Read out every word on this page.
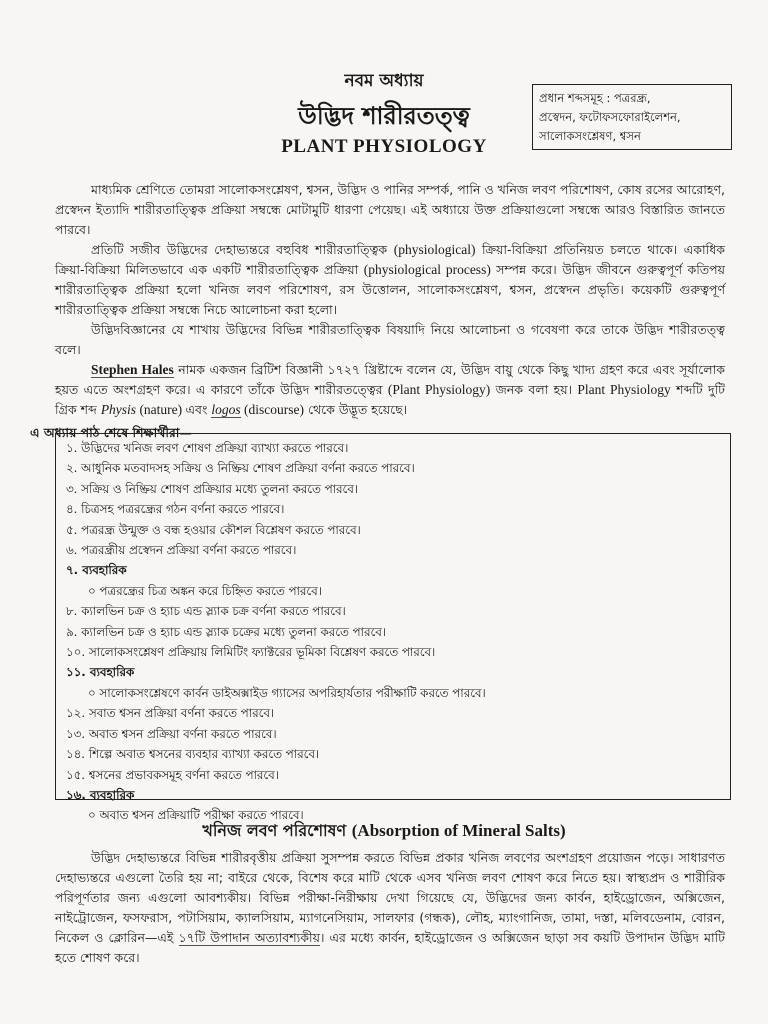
নবম অধ্যায়
উদ্ভিদ শারীরতত্ত্ব
PLANT PHYSIOLOGY
প্রধান শব্দসমূহ : পত্ররন্ধ্র,
প্রস্বেদন, ফটোফসফোরাইলেশন,
সালোকসংশ্লেষণ, শ্বসন
মাধ্যমিক শ্রেণিতে তোমরা সালোকসংশ্লেষণ, শ্বসন, উদ্ভিদ ও পানির সম্পর্ক, পানি ও খনিজ লবণ পরিশোষণ, কোষ রসের আরোহণ, প্রস্বেদন ইত্যাদি শারীরতাত্ত্বিক প্রক্রিয়া সম্বন্ধে মোটামুটি ধারণা পেয়েছ। এই অধ্যায়ে উক্ত প্রক্রিয়াগুলো সম্বন্ধে আরও বিস্তারিত জানতে পারবে।
প্রতিটি সজীব উদ্ভিদের দেহাভ্যন্তরে বহুবিধ শারীরতাত্ত্বিক (physiological) ক্রিয়া-বিক্রিয়া প্রতিনিয়ত চলতে থাকে। একাধিক ক্রিয়া-বিক্রিয়া মিলিতভাবে এক একটি শারীরতাত্ত্বিক প্রক্রিয়া (physiological process) সম্পন্ন করে। উদ্ভিদ জীবনে গুরুত্বপূর্ণ কতিপয় শারীরতাত্ত্বিক প্রক্রিয়া হলো খনিজ লবণ পরিশোষণ, রস উত্তোলন, সালোকসংশ্লেষণ, শ্বসন, প্রস্বেদন প্রভৃতি। কয়েকটি গুরুত্বপূর্ণ শারীরতাত্ত্বিক প্রক্রিয়া সম্বন্ধে নিচে আলোচনা করা হলো।
উদ্ভিদবিজ্ঞানের যে শাখায় উদ্ভিদের বিভিন্ন শারীরতাত্ত্বিক বিষয়াদি নিয়ে আলোচনা ও গবেষণা করে তাকে উদ্ভিদ শারীরতত্ত্ব বলে।
Stephen Hales নামক একজন ব্রিটিশ বিজ্ঞানী ১৭২৭ খ্রিষ্টাব্দে বলেন যে, উদ্ভিদ বায়ু থেকে কিছু খাদ্য গ্রহণ করে এবং সূর্যালোক হয়ত এতে অংশগ্রহণ করে। এ কারণে তাঁকে উদ্ভিদ শারীরতত্ত্বের (Plant Physiology) জনক বলা হয়। Plant Physiology শব্দটি দুটি গ্রিক শব্দ Physis (nature) এবং logos (discourse) থেকে উদ্ভূত হয়েছে।
এ অধ্যায় পাঠ শেষে শিক্ষার্থীরা—
১. উদ্ভিদের খনিজ লবণ শোষণ প্রক্রিয়া ব্যাখ্যা করতে পারবে।
২. আধুনিক মতবাদসহ সক্রিয় ও নিষ্ক্রিয় শোষণ প্রক্রিয়া বর্ণনা করতে পারবে।
৩. সক্রিয় ও নিষ্ক্রিয় শোষণ প্রক্রিয়ার মধ্যে তুলনা করতে পারবে।
৪. চিত্রসহ পত্ররন্ধ্রের গঠন বর্ণনা করতে পারবে।
৫. পত্ররন্ধ্র উন্মুক্ত ও বন্ধ হওয়ার কৌশল বিশ্লেষণ করতে পারবে।
৬. পত্ররন্ধ্রীয় প্রস্বেদন প্রক্রিয়া বর্ণনা করতে পারবে।
৭. ব্যবহারিক
০ পত্ররন্ধ্রের চিত্র অঙ্কন করে চিহ্নিত করতে পারবে।
৮. ক্যালভিন চক্র ও হ্যাচ এন্ড স্ল্যাক চক্র বর্ণনা করতে পারবে।
৯. ক্যালভিন চক্র ও হ্যাচ এন্ড স্ল্যাক চক্রের মধ্যে তুলনা করতে পারবে।
১০. সালোকসংশ্লেষণ প্রক্রিয়ায় লিমিটিং ফ্যাক্টরের ভূমিকা বিশ্লেষণ করতে পারবে।
১১. ব্যবহারিক
০ সালোকসংশ্লেষণে কার্বন ডাইঅক্সাইড গ্যাসের অপরিহার্যতার পরীক্ষাটি করতে পারবে।
১২. সবাত শ্বসন প্রক্রিয়া বর্ণনা করতে পারবে।
১৩. অবাত শ্বসন প্রক্রিয়া বর্ণনা করতে পারবে।
১৪. শিল্পে অবাত শ্বসনের ব্যবহার ব্যাখ্যা করতে পারবে।
১৫. শ্বসনের প্রভাবকসমূহ বর্ণনা করতে পারবে।
১৬. ব্যবহারিক
০ অবাত শ্বসন প্রক্রিয়াটি পরীক্ষা করতে পারবে।
খনিজ লবণ পরিশোষণ (Absorption of Mineral Salts)
উদ্ভিদ দেহাভ্যন্তরে বিভিন্ন শারীরবৃত্তীয় প্রক্রিয়া সুসম্পন্ন করতে বিভিন্ন প্রকার খনিজ লবণের অংশগ্রহণ প্রয়োজন পড়ে। সাধারণত দেহাভ্যন্তরে এগুলো তৈরি হয় না; বাইরে থেকে, বিশেষ করে মাটি থেকে এসব খনিজ লবণ শোষণ করে নিতে হয়। স্বাস্থ্যপ্রদ ও শারীরিক পরিপূর্ণতার জন্য এগুলো আবশ্যকীয়। বিভিন্ন পরীক্ষা-নিরীক্ষায় দেখা গিয়েছে যে, উদ্ভিদের জন্য কার্বন, হাইড্রোজেন, অক্সিজেন, নাইট্রোজেন, ফসফরাস, পটাসিয়াম, ক্যালসিয়াম, ম্যাগনেসিয়াম, সালফার (গন্ধক), লৌহ, ম্যাংগানিজ, তামা, দস্তা, মলিবডেনাম, বোরন, নিকেল ও ক্লোরিন—এই ১৭টি উপাদান অত্যাবশ্যকীয়। এর মধ্যে কার্বন, হাইড্রোজেন ও অক্সিজেন ছাড়া সব কয়টি উপাদান উদ্ভিদ মাটি হতে শোষণ করে।
